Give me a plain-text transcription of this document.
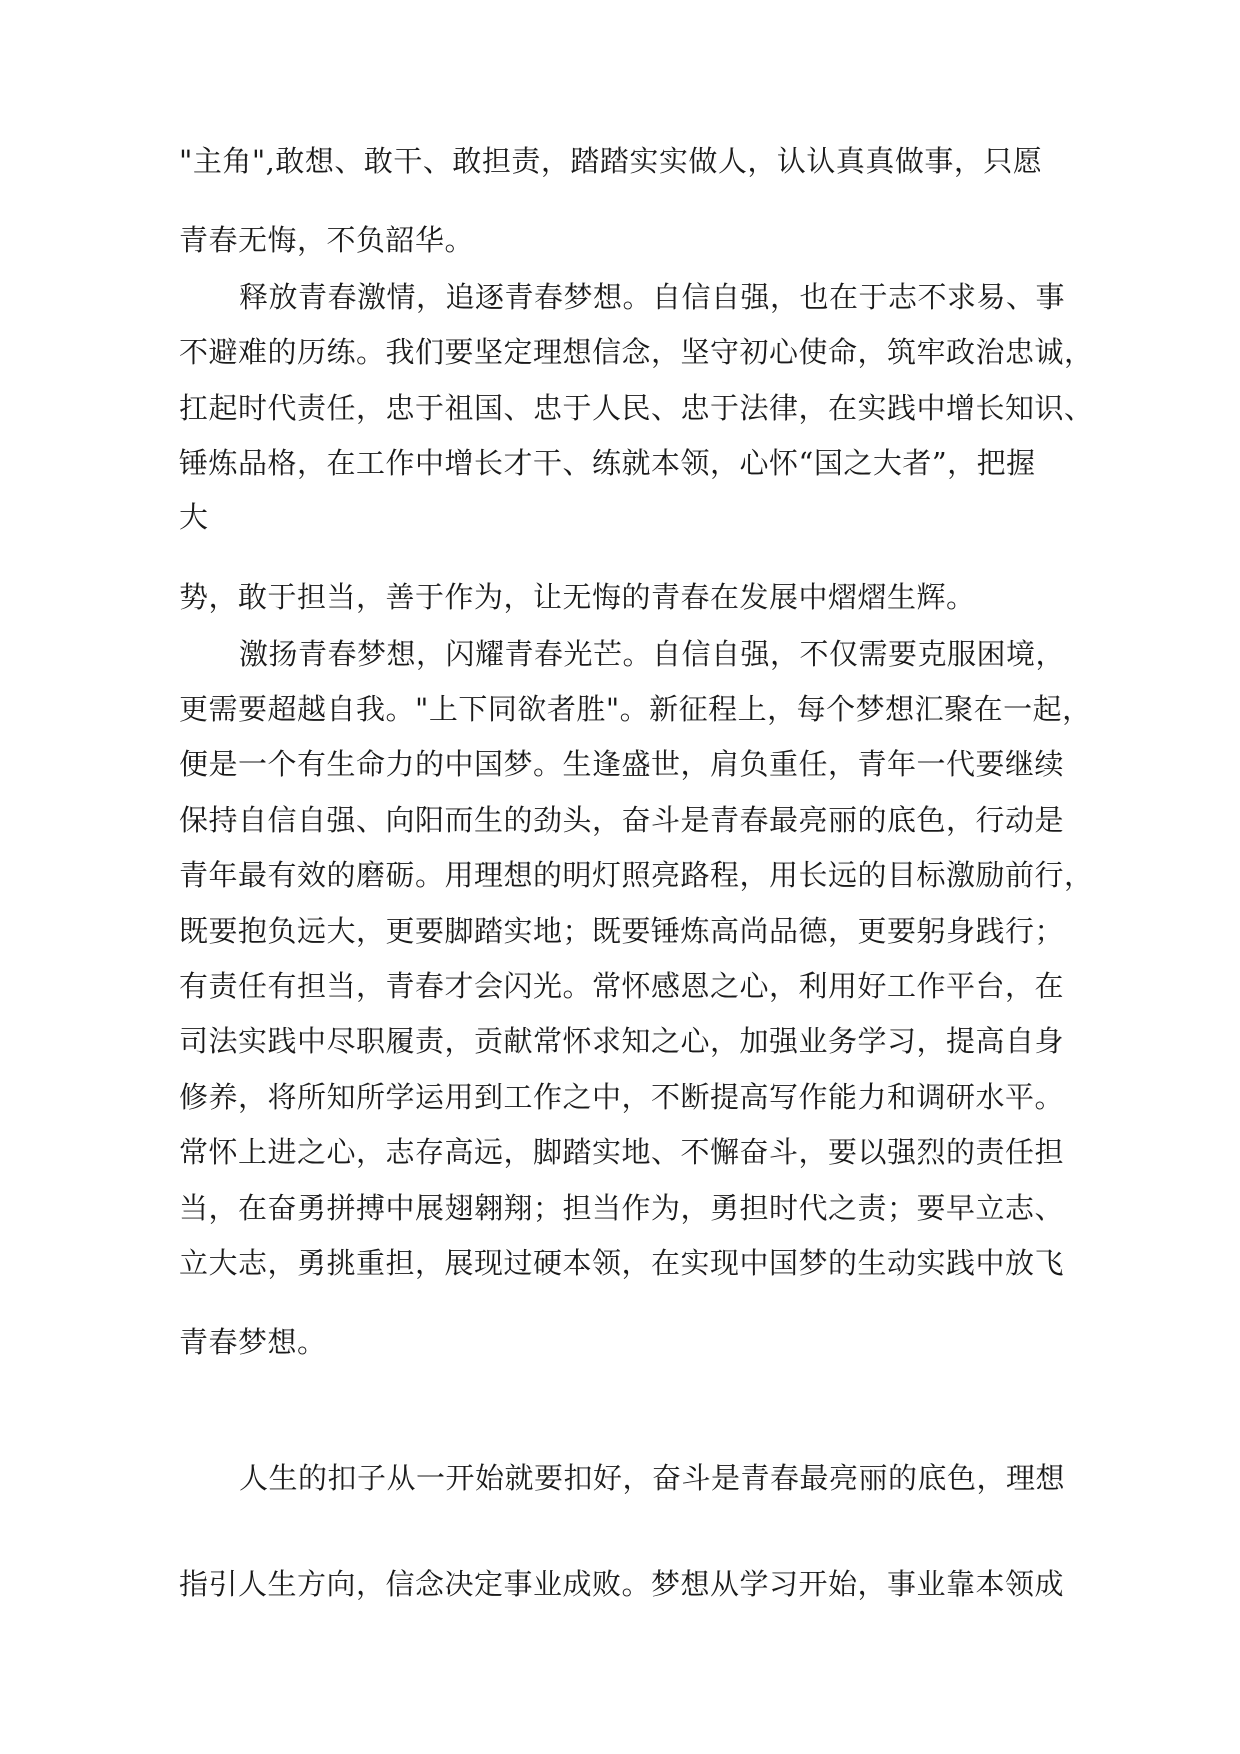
"主角",敢想、敢干、敢担责，踏踏实实做人，认认真真做事，只愿
青春无悔，不负韶华。
释放青春激情，追逐青春梦想。自信自强，也在于志不求易、事
不避难的历练。我们要坚定理想信念，坚守初心使命，筑牢政治忠诚，
扛起时代责任，忠于祖国、忠于人民、忠于法律，在实践中增长知识、
锤炼品格，在工作中增长才干、练就本领，心怀“国之大者”，把握
大
势，敢于担当，善于作为，让无悔的青春在发展中熠熠生辉。
激扬青春梦想，闪耀青春光芒。自信自强，不仅需要克服困境，
更需要超越自我。"上下同欲者胜"。新征程上，每个梦想汇聚在一起，
便是一个有生命力的中国梦。生逢盛世，肩负重任，青年一代要继续
保持自信自强、向阳而生的劲头，奋斗是青春最亮丽的底色，行动是
青年最有效的磨砺。用理想的明灯照亮路程，用长远的目标激励前行，
既要抱负远大，更要脚踏实地；既要锤炼高尚品德，更要躬身践行；
有责任有担当，青春才会闪光。常怀感恩之心，利用好工作平台，在
司法实践中尽职履责，贡献常怀求知之心，加强业务学习，提高自身
修养，将所知所学运用到工作之中，不断提高写作能力和调研水平。
常怀上进之心，志存高远，脚踏实地、不懈奋斗，要以强烈的责任担
当，在奋勇拼搏中展翅翱翔；担当作为，勇担时代之责；要早立志、
立大志，勇挑重担，展现过硬本领，在实现中国梦的生动实践中放飞
青春梦想。
人生的扣子从一开始就要扣好，奋斗是青春最亮丽的底色，理想
指引人生方向，信念决定事业成败。梦想从学习开始，事业靠本领成
